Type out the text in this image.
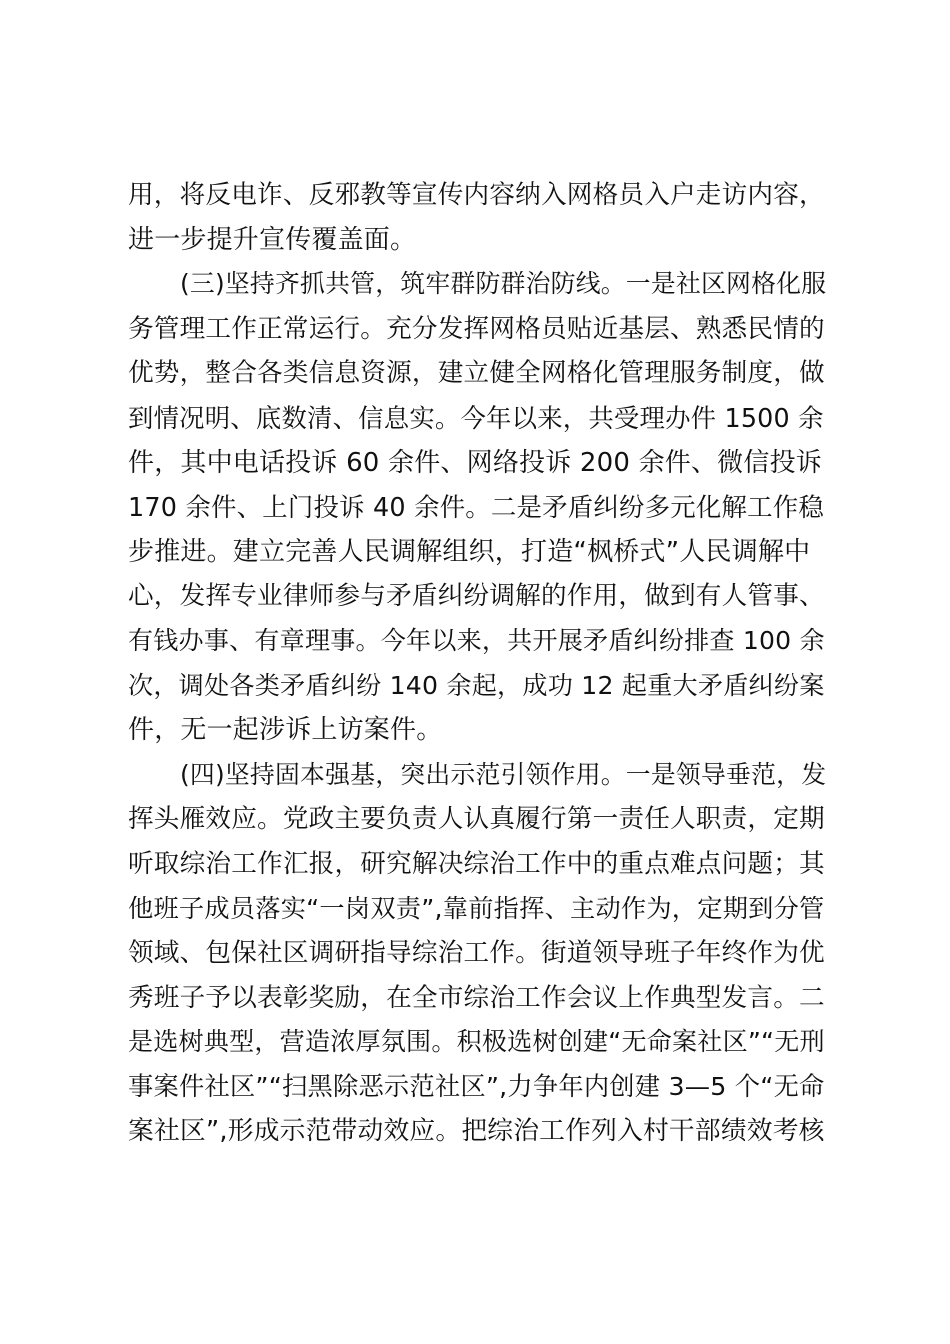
用，将反电诈、反邪教等宣传内容纳入网格员入户走访内容，
进一步提升宣传覆盖面。
(三)坚持齐抓共管，筑牢群防群治防线。一是社区网格化服
务管理工作正常运行。充分发挥网格员贴近基层、熟悉民情的
优势，整合各类信息资源，建立健全网格化管理服务制度，做
到情况明、底数清、信息实。今年以来，共受理办件 1500 余
件，其中电话投诉 60 余件、网络投诉 200 余件、微信投诉
170 余件、上门投诉 40 余件。二是矛盾纠纷多元化解工作稳
步推进。建立完善人民调解组织，打造“枫桥式”人民调解中
心，发挥专业律师参与矛盾纠纷调解的作用，做到有人管事、
有钱办事、有章理事。今年以来，共开展矛盾纠纷排查 100 余
次，调处各类矛盾纠纷 140 余起，成功 12 起重大矛盾纠纷案
件，无一起涉诉上访案件。
(四)坚持固本强基，突出示范引领作用。一是领导垂范，发
挥头雁效应。党政主要负责人认真履行第一责任人职责，定期
听取综治工作汇报，研究解决综治工作中的重点难点问题；其
他班子成员落实“一岗双责”,靠前指挥、主动作为，定期到分管
领域、包保社区调研指导综治工作。街道领导班子年终作为优
秀班子予以表彰奖励，在全市综治工作会议上作典型发言。二
是选树典型，营造浓厚氛围。积极选树创建“无命案社区”“无刑
事案件社区”“扫黑除恶示范社区”,力争年内创建 3—5 个“无命
案社区”,形成示范带动效应。把综治工作列入村干部绩效考核
